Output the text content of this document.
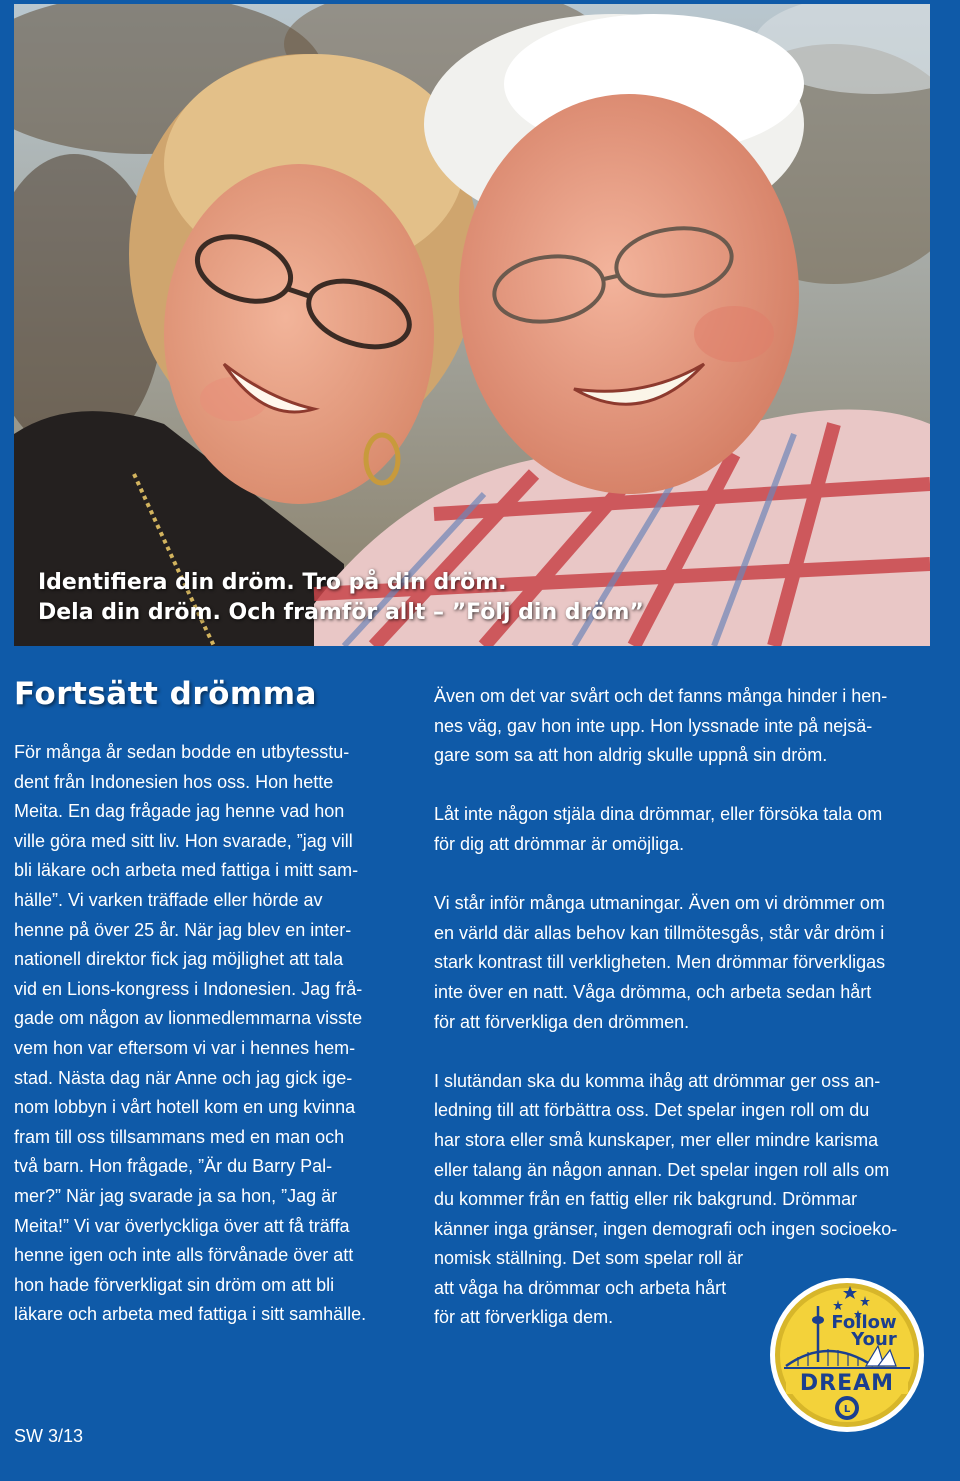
Identifiera din dröm. Tro på din dröm.
Dela din dröm. Och framför allt – ”Följ din dröm”
Fortsätt drömma
För många år sedan bodde en utbytesstu-
dent från Indonesien hos oss. Hon hette
Meita. En dag frågade jag henne vad hon
ville göra med sitt liv. Hon svarade, ”jag vill
bli läkare och arbeta med fattiga i mitt sam-
hälle”. Vi varken träffade eller hörde av
henne på över 25 år. När jag blev en inter-
nationell direktor fick jag möjlighet att tala
vid en Lions-kongress i Indonesien. Jag frå-
gade om någon av lionmedlemmarna visste
vem hon var eftersom vi var i hennes hem-
stad. Nästa dag när Anne och jag gick ige-
nom lobbyn i vårt hotell kom en ung kvinna
fram till oss tillsammans med en man och
två barn. Hon frågade, ”Är du Barry Pal-
mer?” När jag svarade ja sa hon, ”Jag är
Meita!” Vi var överlyckliga över att få träffa
henne igen och inte alls förvånade över att
hon hade förverkligat sin dröm om att bli
läkare och arbeta med fattiga i sitt samhälle.
Även om det var svårt och det fanns många hinder i hen-
nes väg, gav hon inte upp. Hon lyssnade inte på nejsä-
gare som sa att hon aldrig skulle uppnå sin dröm.
Låt inte någon stjäla dina drömmar, eller försöka tala om
för dig att drömmar är omöjliga.
Vi står inför många utmaningar. Även om vi drömmer om
en värld där allas behov kan tillmötesgås, står vår dröm i
stark kontrast till verkligheten. Men drömmar förverkligas
inte över en natt. Våga drömma, och arbeta sedan hårt
för att förverkliga den drömmen.
I slutändan ska du komma ihåg att drömmar ger oss an-
ledning till att förbättra oss. Det spelar ingen roll om du
har stora eller små kunskaper, mer eller mindre karisma
eller talang än någon annan. Det spelar ingen roll alls om
du kommer från en fattig eller rik bakgrund. Drömmar
känner inga gränser, ingen demografi och ingen socioeko-
nomisk ställning. Det som spelar roll är
att våga ha drömmar och arbeta hårt
för att förverkliga dem.	Follow
Your
DREAM
L
SW 3/13
